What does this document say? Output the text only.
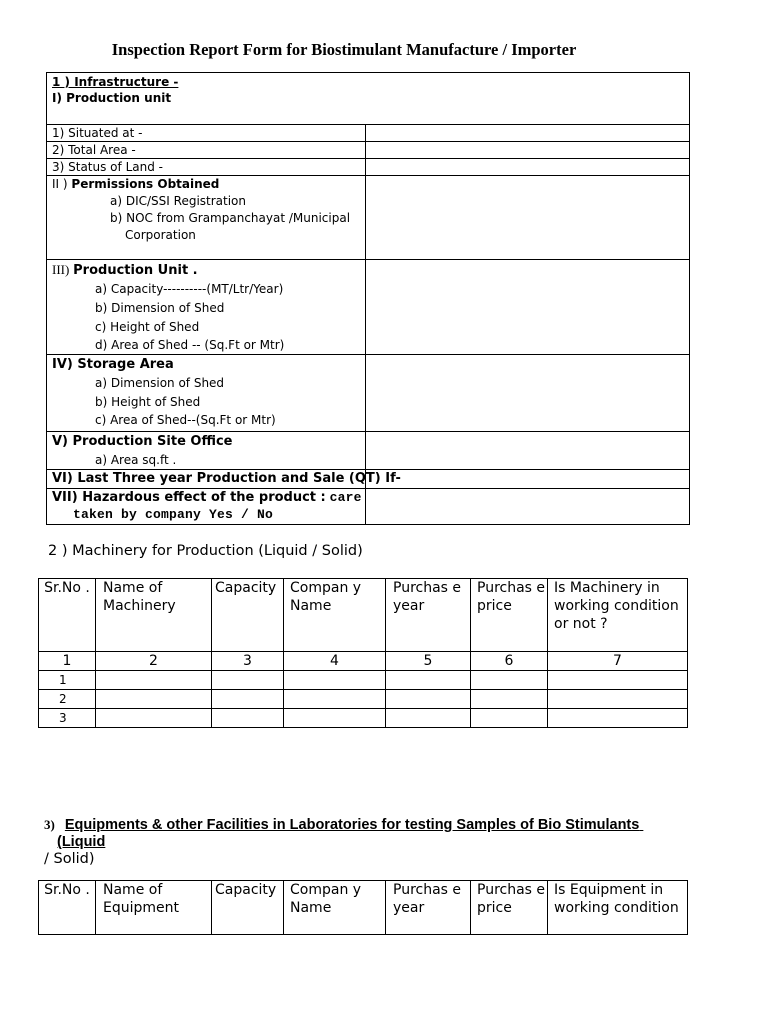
Inspection Report Form for Biostimulant Manufacture / Importer
1 ) Infrastructure -
I) Production unit	

1) Situated at -	
2) Total Area -	
3) Status of Land -	

II ) Permissions Obtained
a) DIC/SSI Registration
b) NOC from Grampanchayat /Municipal
Corporation	

III) Production Unit .
a) Capacity----------(MT/Ltr/Year)
b) Dimension of Shed
c) Height of Shed
d) Area of Shed -- (Sq.Ft or Mtr)	

IV) Storage Area
a) Dimension of Shed
b) Height of Shed
c) Area of Shed--(Sq.Ft or Mtr)	

V) Production Site Office
a) Area sq.ft .	

VI) Last Three year Production and Sale (QT) If-	

VII) Hazardous effect of the product : care
taken by company Yes / No	

2 ) Machinery for Production (Liquid / Solid)
Sr.No .	Name of Machinery	Capacity	Compan y Name	Purchas e year	Purchas e price	Is Machinery in working condition or not ?
1	2	3	4	5	6	7
1						
2						
3						
3) Equipments & other Facilities in Laboratories for testing Samples of Bio Stimulants
(Liquid
/ Solid)
Sr.No .	Name of Equipment	Capacity	Compan y Name	Purchas e year	Purchas e price	Is Equipment in working condition
